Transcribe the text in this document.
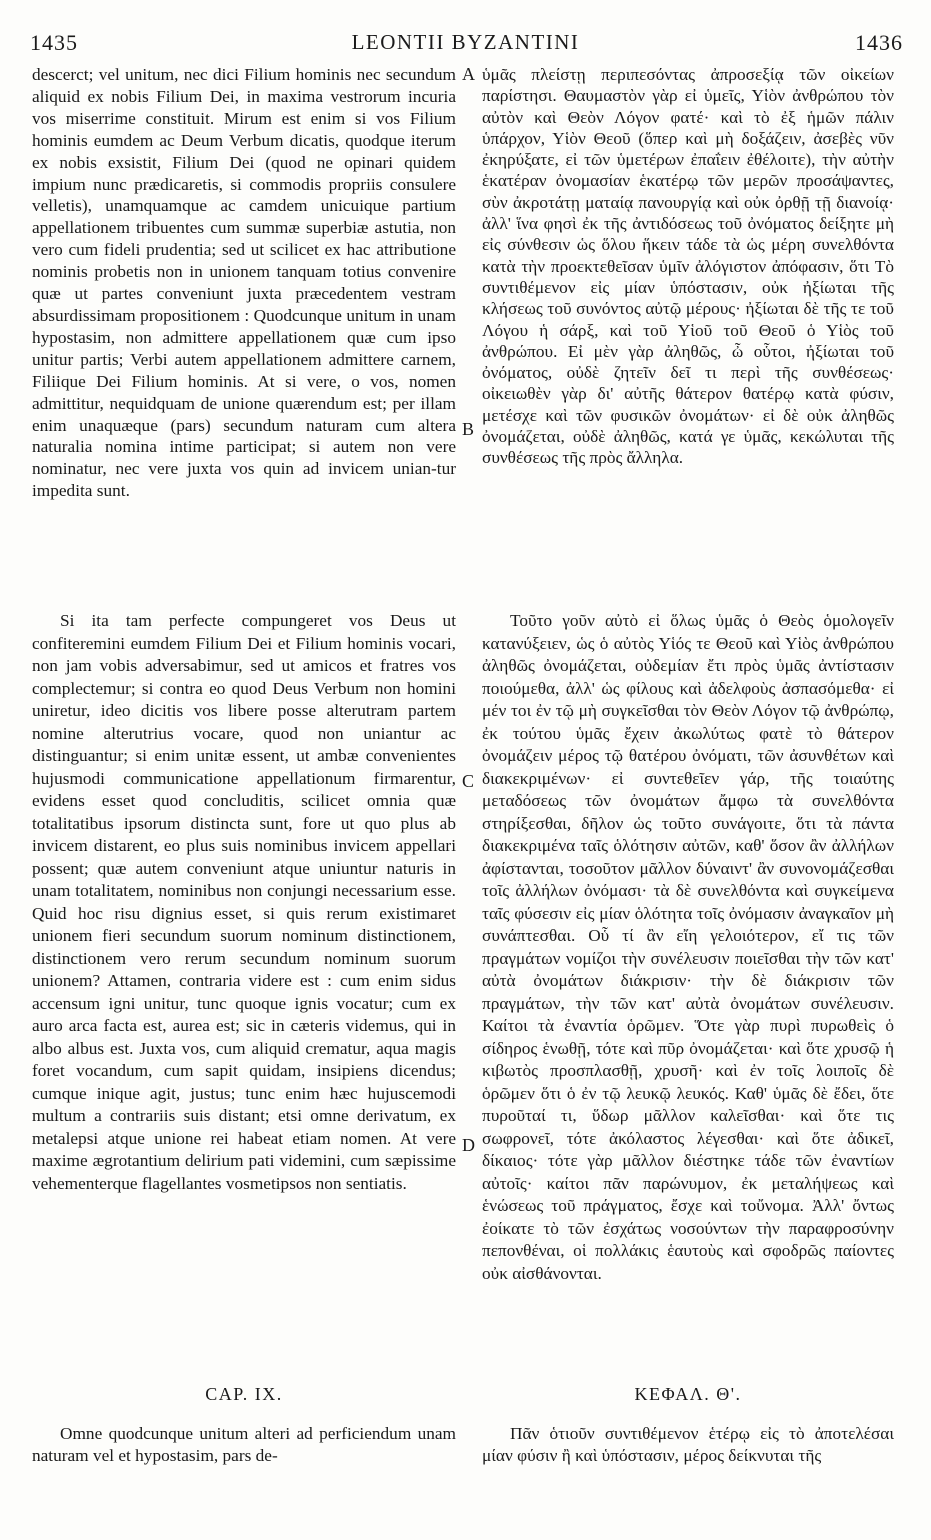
1435	LEONTII BYZANTINI	1436
A
B
C
D

descerct; vel unitum, nec dici Filium hominis nec secundum aliquid ex nobis Filium Dei, in maxima vestrorum incuria vos miserrime constituit. Mirum est enim si vos Filium hominis eumdem ac Deum Verbum dicatis, quodque iterum ex nobis exsistit, Filium Dei (quod ne opinari quidem impium nunc prædicaretis, si commodis propriis consulere velletis), unamquamque ac camdem unicuique partium appellationem tribuentes cum summæ superbiæ astutia, non vero cum fideli prudentia; sed ut scilicet ex hac attributione nominis probetis non in unionem tanquam totius convenire quæ ut partes conveniunt juxta præcedentem vestram absurdissimam propositionem : Quodcunque unitum in unam hypostasim, non admittere appellationem quæ cum ipso unitur partis; Verbi autem appellationem admittere carnem, Filiique Dei Filium hominis. At si vere, o vos, nomen admittitur, nequidquam de unione quærendum est; per illam enim unaquæque (pars) secundum naturam cum altera naturalia nomina intime participat; si autem non vere nominatur, nec vere juxta vos quin ad invicem unian-tur impedita sunt.

Si ita tam perfecte compungeret vos Deus ut confiteremini eumdem Filium Dei et Filium hominis vocari, non jam vobis adversabimur, sed ut amicos et fratres vos complectemur; si contra eo quod Deus Verbum non homini uniretur, ideo dicitis vos libere posse alterutram partem nomine alterutrius vocare, quod non uniantur ac distinguantur; si enim unitæ essent, ut ambæ convenientes hujusmodi communicatione appellationum firmarentur, evidens esset quod concluditis, scilicet omnia quæ totalitatibus ipsorum distincta sunt, fore ut quo plus ab invicem distarent, eo plus suis nominibus invicem appellari possent; quæ autem conveniunt atque uniuntur naturis in unam totalitatem, nominibus non conjungi necessarium esse. Quid hoc risu dignius esset, si quis rerum existimaret unionem fieri secundum suorum nominum distinctionem, distinctionem vero rerum secundum nominum suorum unionem? Attamen, contraria videre est : cum enim sidus accensum igni unitur, tunc quoque ignis vocatur; cum ex auro arca facta est, aurea est; sic in cæteris videmus, qui in albo albus est. Juxta vos, cum aliquid crematur, aqua magis foret vocandum, cum sapit quidam, insipiens dicendus; cumque inique agit, justus; tunc enim hæc hujuscemodi multum a contrariis suis distant; etsi omne derivatum, ex metalepsi atque unione rei habeat etiam nomen. At vere maxime ægrotantium delirium pati videmini, cum sæpissime vehementerque flagellantes vosmetipsos non sentiatis.

CAP. IX.

Omne quodcunque unitum alteri ad perficiendum unam naturam vel et hypostasim, pars de-

ὑμᾶς πλείστῃ περιπεσόντας ἀπροσεξίᾳ τῶν οἰκείων παρίστησι. Θαυμαστὸν γὰρ εἰ ὑμεῖς, Υἱὸν ἀνθρώπου τὸν αὐτὸν καὶ Θεὸν Λόγον φατέ· καὶ τὸ ἐξ ἡμῶν πάλιν ὑπάρχον, Υἱὸν Θεοῦ (ὅπερ καὶ μὴ δοξάζειν, ἀσεβὲς νῦν ἐκηρύξατε, εἰ τῶν ὑμετέρων ἐπαΐειν ἐθέλοιτε), τὴν αὐτὴν ἑκατέραν ὀνομασίαν ἑκατέρῳ τῶν μερῶν προσάψαντες, σὺν ἀκροτάτῃ ματαίᾳ πανουργίᾳ καὶ οὐκ ὀρθῇ τῇ διανοίᾳ· ἀλλ' ἵνα φησὶ ἐκ τῆς ἀντιδόσεως τοῦ ὀνόματος δείξητε μὴ εἰς σύνθεσιν ὡς ὅλου ἥκειν τάδε τὰ ὡς μέρη συνελθόντα κατὰ τὴν προεκτεθεῖσαν ὑμῖν ἀλόγιστον ἀπόφασιν, ὅτι Τὸ συντιθέμενον εἰς μίαν ὑπόστασιν, οὐκ ἠξίωται τῆς κλήσεως τοῦ συνόντος αὐτῷ μέρους· ἠξίωται δὲ τῆς τε τοῦ Λόγου ἡ σάρξ, καὶ τοῦ Υἱοῦ τοῦ Θεοῦ ὁ Υἱὸς τοῦ ἀνθρώπου. Εἰ μὲν γὰρ ἀληθῶς, ὦ οὗτοι, ἠξίωται τοῦ ὀνόματος, οὐδὲ ζητεῖν δεῖ τι περὶ τῆς συνθέσεως· οἰκειωθὲν γὰρ δι' αὐτῆς θάτερον θατέρῳ κατὰ φύσιν, μετέσχε καὶ τῶν φυσικῶν ὀνομάτων· εἰ δὲ οὐκ ἀληθῶς ὀνομάζεται, οὐδὲ ἀληθῶς, κατά γε ὑμᾶς, κεκώλυται τῆς συνθέσεως τῆς πρὸς ἄλληλα.

Τοῦτο γοῦν αὐτὸ εἰ ὅλως ὑμᾶς ὁ Θεὸς ὁμολογεῖν κατανύξειεν, ὡς ὁ αὐτὸς Υἱός τε Θεοῦ καὶ Υἱὸς ἀνθρώπου ἀληθῶς ὀνομάζεται, οὐδεμίαν ἔτι πρὸς ὑμᾶς ἀντίστασιν ποιούμεθα, ἀλλ' ὡς φίλους καὶ ἀδελφοὺς ἀσπασόμεθα· εἰ μέν τοι ἐν τῷ μὴ συγκεῖσθαι τὸν Θεὸν Λόγον τῷ ἀνθρώπῳ, ἐκ τούτου ὑμᾶς ἔχειν ἀκωλύτως φατὲ τὸ θάτερον ὀνομάζειν μέρος τῷ θατέρου ὀνόματι, τῶν ἀσυνθέτων καὶ διακεκριμένων· εἰ συντεθεῖεν γάρ, τῆς τοιαύτης μεταδόσεως τῶν ὀνομάτων ἄμφω τὰ συνελθόντα στηρίξεσθαι, δῆλον ὡς τοῦτο συνάγοιτε, ὅτι τὰ πάντα διακεκριμένα ταῖς ὁλότησιν αὐτῶν, καθ' ὅσον ἂν ἀλλήλων ἀφίστανται, τοσοῦτον μᾶλλον δύναιντ' ἂν συνονομάζεσθαι τοῖς ἀλλήλων ὀνόμασι· τὰ δὲ συνελθόντα καὶ συγκείμενα ταῖς φύσεσιν εἰς μίαν ὁλότητα τοῖς ὀνόμασιν ἀναγκαῖον μὴ συνάπτεσθαι. Οὗ τί ἂν εἴη γελοιότερον, εἴ τις τῶν πραγμάτων νομίζοι τὴν συνέλευσιν ποιεῖσθαι τὴν τῶν κατ' αὐτὰ ὀνομάτων διάκρισιν· τὴν δὲ διάκρισιν τῶν πραγμάτων, τὴν τῶν κατ' αὐτὰ ὀνομάτων συνέλευσιν. Καίτοι τὰ ἐναντία ὁρῶμεν. Ὅτε γὰρ πυρὶ πυρωθεὶς ὁ σίδηρος ἑνωθῇ, τότε καὶ πῦρ ὀνομάζεται· καὶ ὅτε χρυσῷ ἡ κιβωτὸς προσπλασθῇ, χρυσῆ· καὶ ἐν τοῖς λοιποῖς δὲ ὁρῶμεν ὅτι ὁ ἐν τῷ λευκῷ λευκός. Καθ' ὑμᾶς δὲ ἔδει, ὅτε πυροῦταί τι, ὕδωρ μᾶλλον καλεῖσθαι· καὶ ὅτε τις σωφρονεῖ, τότε ἀκόλαστος λέγεσθαι· καὶ ὅτε ἀδικεῖ, δίκαιος· τότε γὰρ μᾶλλον διέστηκε τάδε τῶν ἐναντίων αὐτοῖς· καίτοι πᾶν παρώνυμον, ἐκ μεταλήψεως καὶ ἑνώσεως τοῦ πράγματος, ἔσχε καὶ τοὔνομα. Ἀλλ' ὄντως ἐοίκατε τὸ τῶν ἐσχάτως νοσούντων τὴν παραφροσύνην πεπονθέναι, οἱ πολλάκις ἑαυτοὺς καὶ σφοδρῶς παίοντες οὐκ αἰσθάνονται.

ΚΕΦΑΛ. Θ'.

Πᾶν ὁτιοῦν συντιθέμενον ἑτέρῳ εἰς τὸ ἀποτελέσαι μίαν φύσιν ἢ καὶ ὑπόστασιν, μέρος δείκνυται τῆς
